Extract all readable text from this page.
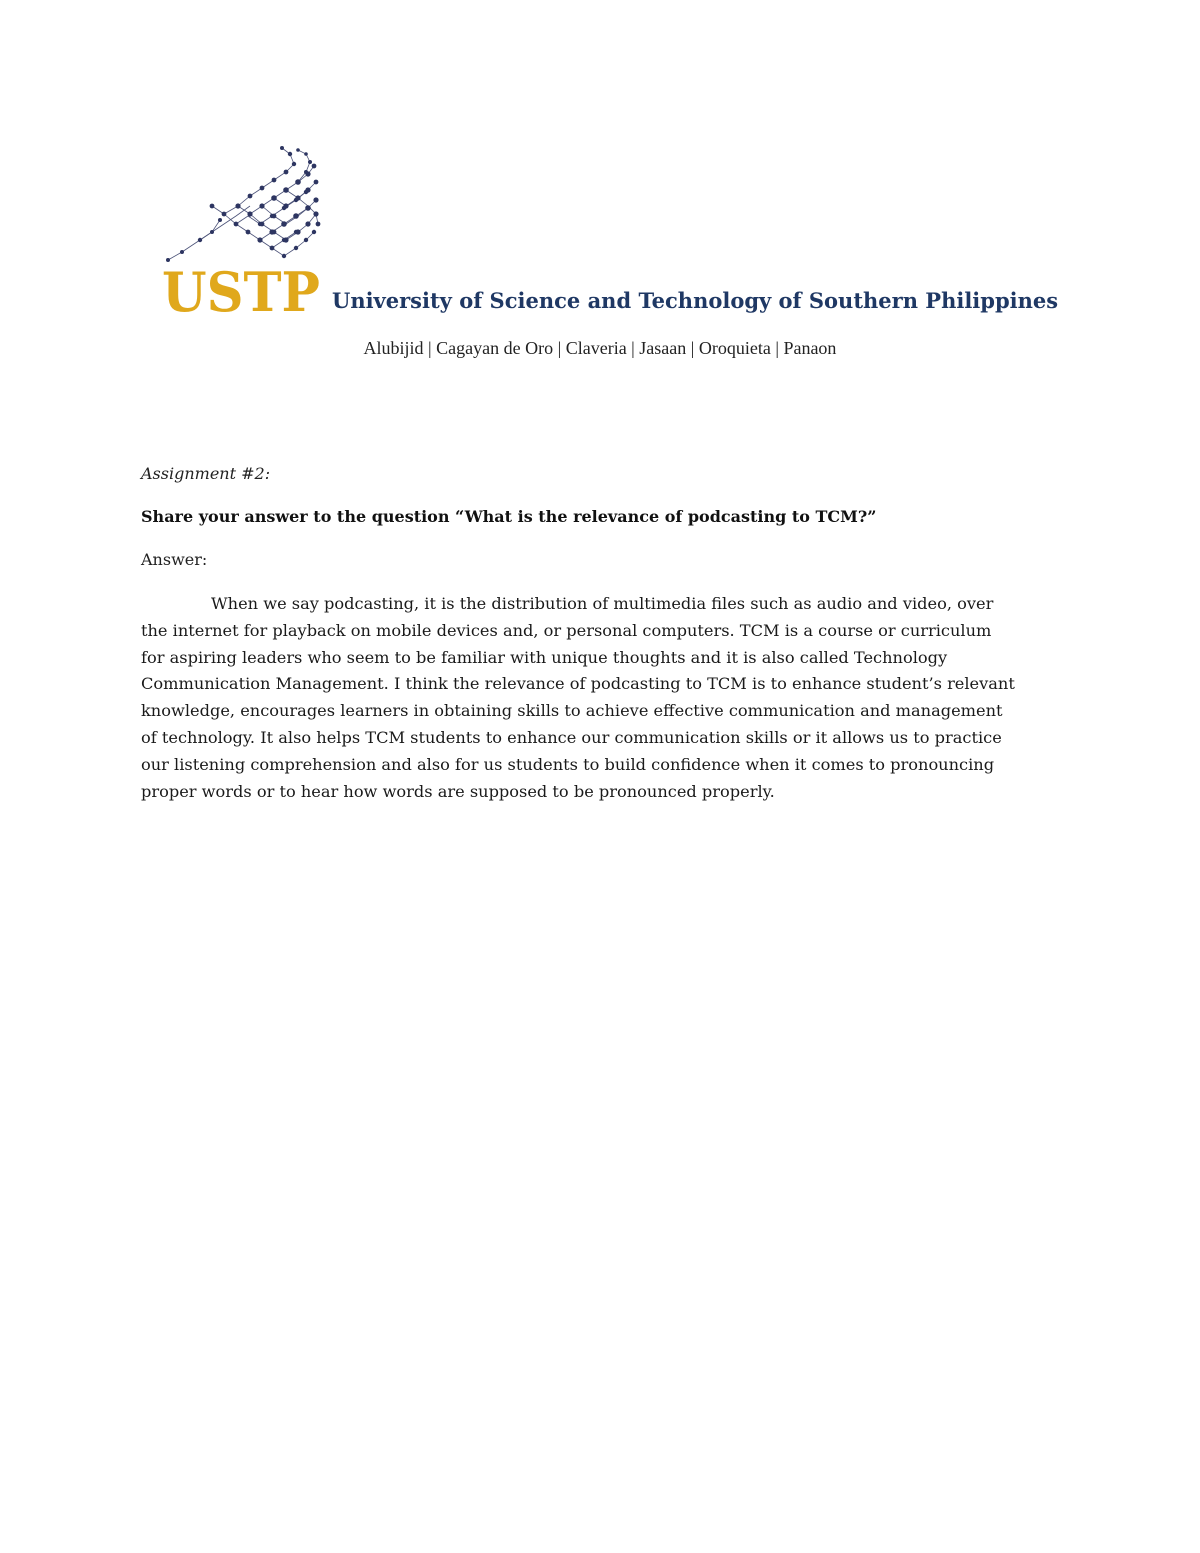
USTP University of Science and Technology of Southern Philippines
Alubijid | Cagayan de Oro | Claveria | Jasaan | Oroquieta | Panaon
Assignment #2:
Share your answer to the question “What is the relevance of podcasting to TCM?”
Answer:
When we say podcasting, it is the distribution of multimedia files such as audio and video, over
the internet for playback on mobile devices and, or personal computers. TCM is a course or curriculum
for aspiring leaders who seem to be familiar with unique thoughts and it is also called Technology
Communication Management. I think the relevance of podcasting to TCM is to enhance student’s relevant
knowledge, encourages learners in obtaining skills to achieve effective communication and management
of technology. It also helps TCM students to enhance our communication skills or it allows us to practice
our listening comprehension and also for us students to build confidence when it comes to pronouncing
proper words or to hear how words are supposed to be pronounced properly.
